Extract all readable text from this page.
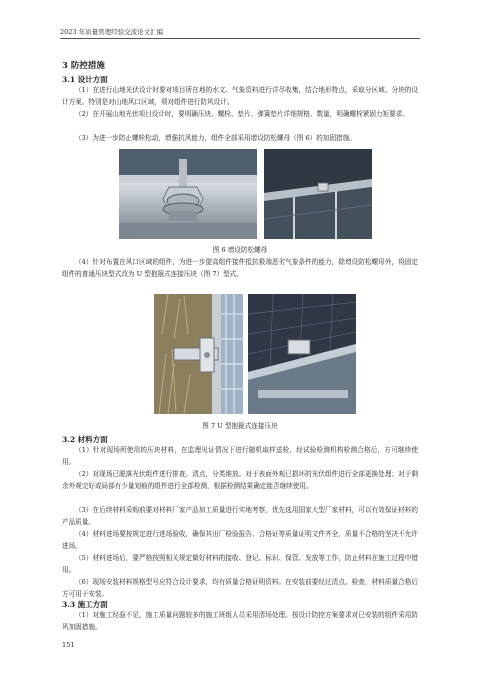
2023 年质量管理经验交流论文汇编
3 防控措施
3.1 设计方面

（1）在进行山地光伏设计时要对项目所在地的水文、气象资料进行详尽收集，结合地形特点，采取分区域、分块的设计方案。特别是对山地风口区域，须对组件进行防风设计。

（2）在开展山地光伏项目设计时，要明确压块、螺栓、垫片、弹簧垫片详细规格、数量，明确螺栓紧固力矩要求。

（3）为进一步防止螺栓松动，增强抗风能力，组件全部采用增设防松螺母（图 6）的加固措施。

图 6 增设防松螺母

（4）针对布置在风口区域的组件，为进一步提高组件接件抵抗极端恶劣气象条件的能力，除增设防松螺母外，将固定组件的普通压块型式改为 U 型抱箍式连接压块（图 7）型式。

图 7 U 型抱箍式连接压块
3.2 材料方面

（1）针对现场所使用的压块材料，在监理见证情况下进行随机取样送检，经试验检测机构检测合格后，方可继续使用。

（2）对现场已脱落光伏组件进行排查、清点，分类堆放。对于表面外观已损坏的光伏组件进行全部更换处理；对于剩余外观完好或局部有少量划痕的组件进行全部检测，根据检测结果确定能否继续使用。

（3）在后续材料采购前要对材料厂家产品加工质量进行实地考察，优先选用国家大型厂家材料，可以有效保证材料的产品质量。

（4）材料进场要按规定进行进场验收，确保其出厂检验报告、合格证等质量证明文件齐全，质量不合格的坚决不允许进场。

（5）材料进场后，要严格按照相关规定做好材料的接收、登记、标识、保管、发放等工作，防止材料在施工过程中错用。

（6）现场安装材料规格型号应符合设计要求，均有质量合格证明资料。在安装前要经过清点、检查，材料质量合格后方可用于安装。

3.3 施工方面

（1）对施工经验不足，施工质量问题较多的施工班组人员采用清场处理。按设计防控方案要求对已安装的组件采用防风加固措施。

151
